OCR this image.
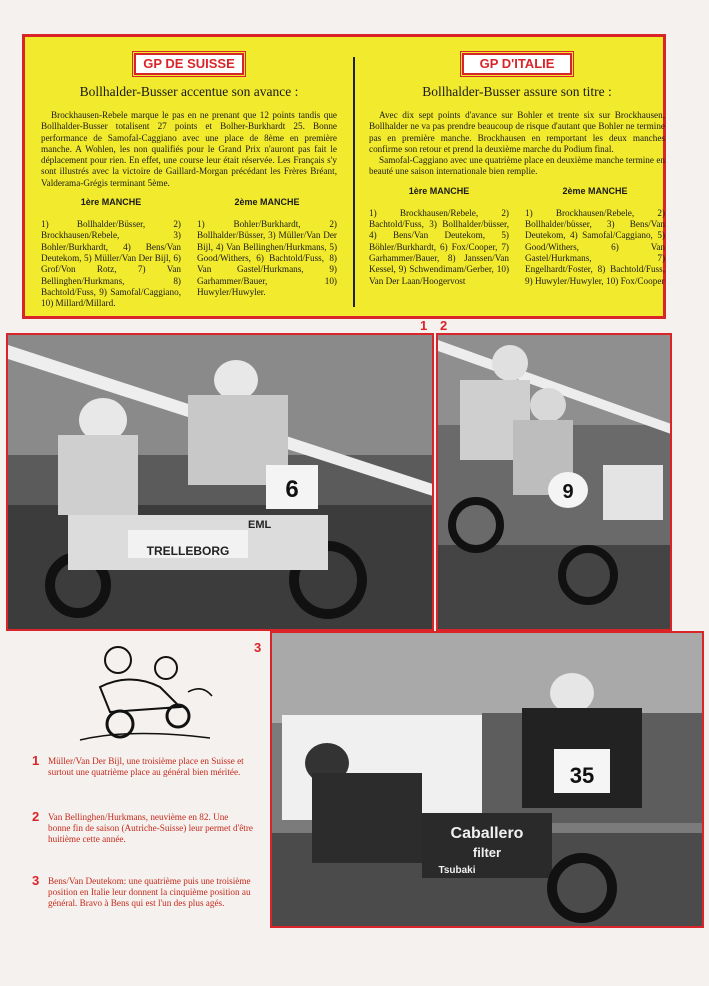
GP DE SUISSE
Bollhalder-Busser accentue son avance :

Brockhausen-Rebele marque le pas en ne prenant que 12 points tandis que Bollhalder-Busser totalisent 27 points et Bolher-Burkhardt 25. Bonne performance de Samofal-Caggiano avec une place de 8ème en première manche. A Wohlen, les non qualifiés pour le Grand Prix n'auront pas fait le déplacement pour rien. En effet, une course leur était réservée. Les Français s'y sont illustrés avec la victoire de Gaillard-Morgan précédant les Frères Bréant, Valderama-Grégis terminant 5ème.

1ère MANCHE

1) Bollhalder/Büsser, 2) Brockhausen/Rebele, 3) Bohler/Burkhardt, 4) Bens/Van Deutekom, 5) Müller/Van Der Bijl, 6) Grof/Von Rotz, 7) Van Bellinghen/Hurkmans, 8) Bachtold/Fuss, 9) Samofal/Caggiano, 10) Millard/Millard.

2ème MANCHE

1) Bohler/Burkhardt, 2) Bollhalder/Büsser, 3) Müller/Van Der Bijl, 4) Van Bellinghen/Hurkmans, 5) Good/Withers, 6) Bachtold/Fuss, 8) Van Gastel/Hurkmans, 9) Garhammer/Bauer, 10) Huwyler/Huwyler.

GP D'ITALIE
Bollhalder-Busser assure son titre :

Avec dix sept points d'avance sur Bohler et trente six sur Brockhausen, Bollhalder ne va pas prendre beaucoup de risque d'autant que Bohler ne termine pas en première manche. Brockhausen en remportant les deux manches confirme son retour et prend la deuxième marche du Podium final.

Samofal-Caggiano avec une quatrième place en deuxième manche termine en beauté une saison internationale bien remplie.

1ère MANCHE

1) Brockhausen/Rebele, 2) Bachtold/Fuss, 3) Bollhalder/büsser, 4) Bens/Van Deutekom, 5) Böhler/Burkhardt, 6) Fox/Cooper, 7) Garhammer/Bauer, 8) Janssen/Van Kessel, 9) Schwendimam/Gerber, 10) Van Der Laan/Hoogervost

2ème MANCHE

1) Brockhausen/Rebele, 2) Bollhalder/büsser, 3) Bens/Van Deutekom, 4) Samofal/Caggiano, 5) Good/Withers, 6) Van Gastel/Hurkmans, 7) Engelhardt/Foster, 8) Bachtold/Fuss, 9) Huwyler/Huwyler, 10) Fox/Cooper

1 2
3
6
TRELLEBORG
EML
9
35
Caballero
filter
Tsubaki
1 Müller/Van Der Bijl, une troisième place en Suisse et surtout une quatrième place au général bien méritée.
2 Van Bellinghen/Hurkmans, neuvième en 82. Une bonne fin de saison (Autriche-Suisse) leur permet d'être huitième cette année.
3 Bens/Van Deutekom: une quatrième puis une troisième position en Italie leur donnent la cinquième position au général. Bravo à Bens qui est l'un des plus agés.
